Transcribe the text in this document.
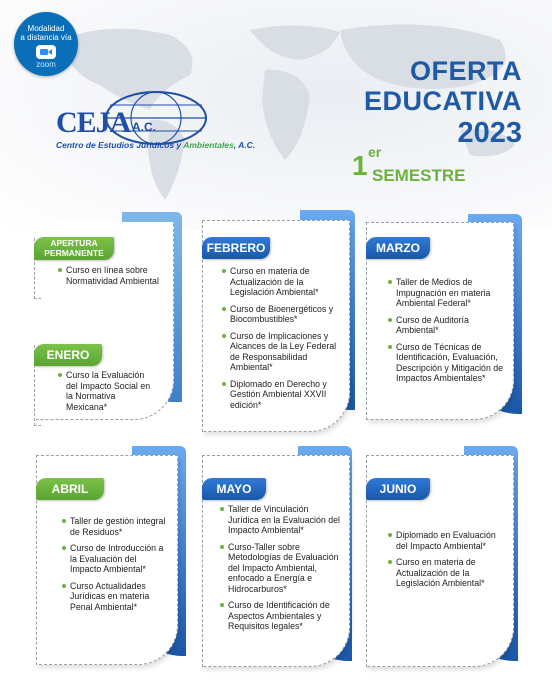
Modalidad
a distancia vía
zoom
CEJA A.C.
Centro de Estudios Jurídicos y Ambientales, A.C.
OFERTA
EDUCATIVA
2023
1 er
SEMESTRE
APERTURA
PERMANENTE
Curso en línea sobre Normatividad Ambiental
ENERO
Curso la Evaluación del Impacto Social en la Normativa Mexicana*
FEBRERO
Curso en materia de Actualización de la Legislación Ambiental*
Curso de Bioenergéticos y Biocombustibles*
Curso de Implicaciones y Alcances de la Ley Federal de Responsabilidad Ambiental*
Diplomado en Derecho y Gestión Ambiental XXVII edición*
MARZO
Taller de Medios de Impugnación en materia Ambiental Federal*
Curso de Auditoría Ambiental*
Curso de Técnicas de Identificación, Evaluación, Descripción y Mitigación de Impactos Ambientales*
ABRIL
Taller de gestión integral de Residuos*
Curso de Introducción a la Evaluación del Impacto Ambiental*
Curso Actualidades Jurídicas en materia Penal Ambiental*
MAYO
Taller de Vinculación Jurídica en la Evaluación del Impacto Ambiental*
Curso-Taller sobre Metodologías de Evaluación del Impacto Ambiental, enfocado a Energía e Hidrocarburos*
Curso de Identificación de Aspectos Ambientales y Requisitos legales*
JUNIO
Diplomado en Evaluación del Impacto Ambiental*
Curso en materia de Actualización de la Legislación Ambiental*
